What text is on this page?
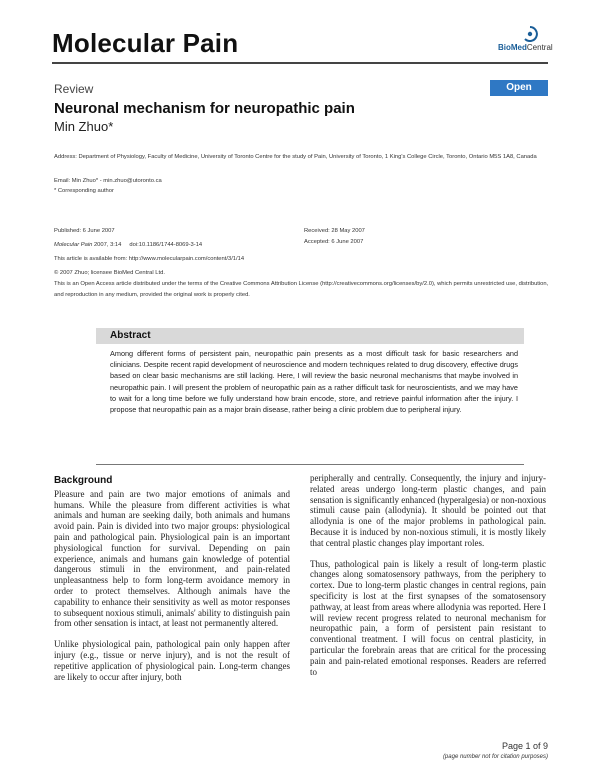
Molecular Pain	BioMedCentral
Review	Open Access
Neuronal mechanism for neuropathic pain
Min Zhuo*
Address: Department of Physiology, Faculty of Medicine, University of Toronto Centre for the study of Pain, University of Toronto, 1 King's College Circle, Toronto, Ontario M5S 1A8, Canada
Email: Min Zhuo* - min.zhuo@utoronto.ca
* Corresponding author
Published: 6 June 2007
Molecular Pain 2007, 3:14     doi:10.1186/1744-8069-3-14
Received: 28 May 2007
Accepted: 6 June 2007
This article is available from: http://www.molecularpain.com/content/3/1/14
© 2007 Zhuo; licensee BioMed Central Ltd.
This is an Open Access article distributed under the terms of the Creative Commons Attribution License (http://creativecommons.org/licenses/by/2.0), which permits unrestricted use, distribution, and reproduction in any medium, provided the original work is properly cited.
Abstract
Among different forms of persistent pain, neuropathic pain presents as a most difficult task for basic researchers and clinicians. Despite recent rapid development of neuroscience and modern techniques related to drug discovery, effective drugs based on clear basic mechanisms are still lacking. Here, I will review the basic neuronal mechanisms that maybe involved in neuropathic pain. I will present the problem of neuropathic pain as a rather difficult task for neuroscientists, and we may have to wait for a long time before we fully understand how brain encode, store, and retrieve painful information after the injury. I propose that neuropathic pain as a major brain disease, rather being a clinic problem due to peripheral injury.
Background

Pleasure and pain are two major emotions of animals and humans. While the pleasure from different activities is what animals and human are seeking daily, both animals and humans avoid pain. Pain is divided into two major groups: physiological pain and pathological pain. Physiological pain is an important physiological function for survival. Depending on pain experience, animals and humans gain knowledge of potential dangerous stimuli in the environment, and pain-related unpleasantness help to form long-term avoidance memory in order to protect themselves. Although animals have the capability to enhance their sensitivity as well as motor responses to subsequent noxious stimuli, animals' ability to distinguish pain from other sensation is intact, at least not permanently altered.

Unlike physiological pain, pathological pain only happen after injury (e.g., tissue or nerve injury), and is not the result of repetitive application of physiological pain. Long-term changes are likely to occur after injury, both

peripherally and centrally. Consequently, the injury and injury-related areas undergo long-term plastic changes, and pain sensation is significantly enhanced (hyperalgesia) or non-noxious stimuli cause pain (allodynia). It should be pointed out that allodynia is one of the major problems in pathological pain. Because it is induced by non-noxious stimuli, it is mostly likely that central plastic changes play important roles.

Thus, pathological pain is likely a result of long-term plastic changes along somatosensory pathways, from the periphery to cortex. Due to long-term plastic changes in central regions, pain specificity is lost at the first synapses of the somatosensory pathway, at least from areas where allodynia was reported. Here I will review recent progress related to neuronal mechanism for neuropathic pain, a form of persistent pain resistant to conventional treatment. I will focus on central plasticity, in particular the forebrain areas that are critical for the processing pain and pain-related emotional responses. Readers are referred to

Page 1 of 9
(page number not for citation purposes)
